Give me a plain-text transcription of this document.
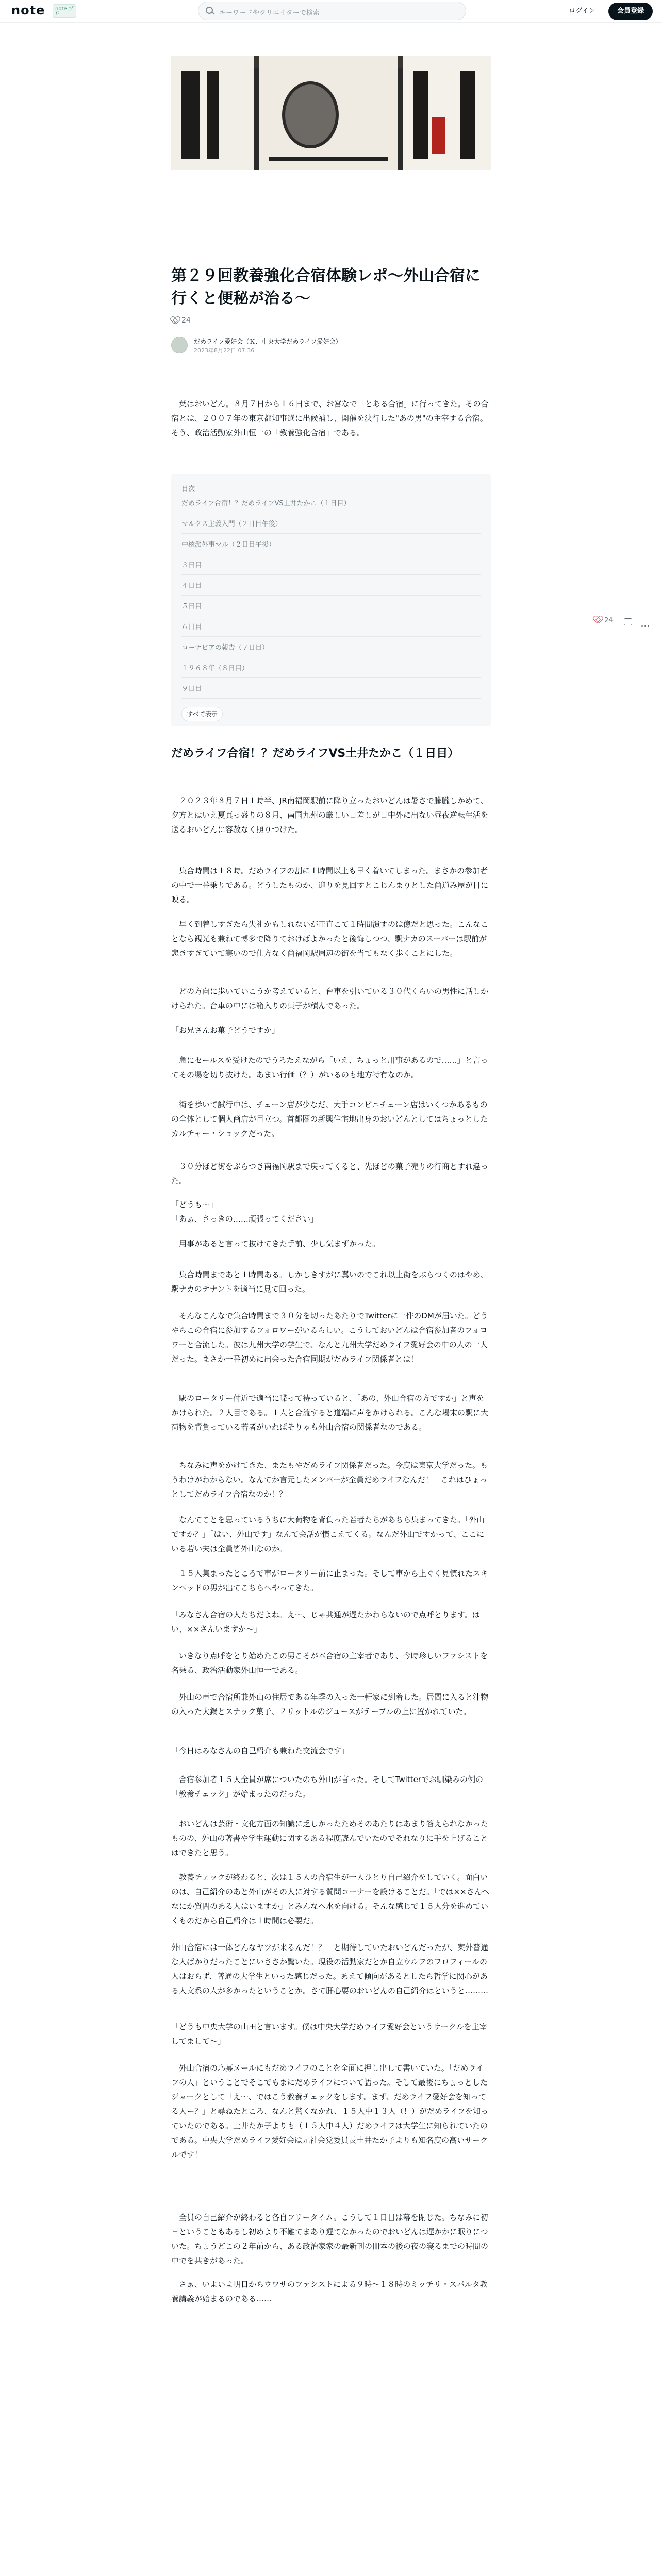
note note プロ	キーワードやクリエイターで検索	ログイン	会員登録
第２９回教養強化合宿体験レポ〜外山合宿に行くと便秘が治る〜
24
だめライフ愛好会（Ｋ、中央大学だめライフ愛好会）
2023年8月22日 07:36

　葉はおいどん。８月７日から１６日まで、お宮なで「とある合宿」に行ってきた。その合宿とは、２００７年の東京都知事選に出候補し、開催を決行した"あの男"の主宰する合宿。そう、政治活動家外山恒一の「教養強化合宿」である。

目次
だめライフ合宿！？だめライフVS土井たかこ（１日目）
マルクス主義入門（２日目午後）
中核派外事マル（２日目午後）
３日目
４日目
５日目
６日目
コーナビアの報告（７日目）
１９６８年（８日目）
９日目
すべて表示
だめライフ合宿！？だめライフVS土井たかこ（１日目）
24

　２０２３年８月７日１時半、JR南福岡駅前に降り立ったおいどんは暑さで朦朧しかめて、夕方とはいえ夏真っ盛りの８月、南国九州の厳しい日差しが日中外に出ない昼夜逆転生活を送るおいどんに容赦なく照りつけた。

　集合時間は１８時。だめライフの割に１時間以上も早く着いてしまった。まさかの参加者の中で一番乗りである。どうしたものか、迎りを見回すとこじんまりとした尚道み屋が目に映る。

　早く到着しすぎたら失礼かもしれないが正直こて１時間潰すのは億だと思った。こんなことなら観光も兼ねて博多で降りておけばよかったと後悔しつつ、駅ナカのスーパーは駅前が悲きすぎていて寒いので仕方なく尚福岡駅周辺の街を当てもなく歩くことにした。

　どの方向に歩いていこうか考えていると、台車を引いている３０代くらいの男性に話しかけられた。台車の中には箱入りの菓子が積んであった。

「お兄さんお菓子どうですか」

　急にセールスを受けたのでうろたえながら「いえ、ちょっと用事があるので……」と言ってその場を切り抜けた。あまい行価（？）がいるのも地方特有なのか。

　街を歩いて試行中は、チェーン店が少なだ、大手コンビニチェーン店はいくつかあるものの全体として個人商店が目立つ。首都圏の新興住宅地出身のおいどんとしてはちょっとしたカルチャー・ショックだった。

　３０分ほど街をぶらつき南福岡駅まで戻ってくると、先ほどの菓子売りの行商とすれ違った。

「どうも〜」
「あぁ、さっきの……頑張ってください」

　用事があると言って抜けてきた手前、少し気まずかった。

　集合時間まであと１時間ある。しかしきすがに翼いのでこれ以上街をぶらつくのはやめ、駅ナカのテナントを適当に見て回った。

　そんなこんなで集合時間まで３０分を切ったあたりでTwitterに一件のDMが届いた。どうやらこの合宿に参加するフォロワーがいるらしい。こうしておいどんは合宿参加者のフォロワーと合流した。彼は九州大学の学生で、なんと九州大学だめライフ愛好会の中の人の一人だった。まさか一番初めに出会った合宿同期がだめライフ関係者とは！

　駅のロータリー付近で適当に喋って待っていると、「あの、外山合宿の方ですか」と声をかけられた。２人目である。１人と合流すると道端に声をかけられる。こんな場末の駅に大荷物を背負っている若者がいればそりゃも外山合宿の関係者なのである。

　ちなみに声をかけてきた、またもやだめライフ関係者だった。今度は東京大学だった。もうわけがわからない。なんてか言元したメンバーが全員だめライフなんだ！　これはひょっとしてだめライフ合宿なのか！？

　なんてことを思っているうちに大荷物を背負った若者たちがあちら集まってきた。「外山ですか？」「はい、外山です」なんて会話が慣こえてくる。なんだ外山ですかって、ここにいる若い夫は全員皆外山なのか。

　１５人集まったところで車がロータリー前に止まった。そして車から上ぐく見慣れたスキンヘッドの男が出てこちらへやってきた。

「みなさん合宿の人たちだよね。え〜、じゃ共通が遅たかわらないので点呼とります。はい、××さんいますか〜」

　いきなり点呼をとり始めたこの男こそが本合宿の主宰者であり、今時珍しいファシストを名乗る、政治活動家外山恒一である。

　外山の車で合宿所兼外山の住居である年季の入った一軒家に到着した。居間に入ると汁物の入った大鍋とスナック菓子、２リットルのジュースがテーブルの上に置かれていた。

「今日はみなさんの自己紹介も兼ねた交流会です」

　合宿参加者１５人全員が席についたのち外山が言った。そしてTwitterでお馴染みの例の「教養チェック」が始まったのだった。

　おいどんは芸術・文化方面の知識に乏しかったためそのあたりはあまり答えられなかったものの、外山の著書や学生運動に関するある程度読んでいたのでそれなりに手を上げることはできたと思う。

　教養チェックが終わると、次は１５人の合宿生が一人ひとり自己紹介をしていく。面白いのは、自己紹介のあと外山がその人に対する質問コーナーを設けることだ。「では××さんへなにか質問のある人はいますか」とみんなへ水を向ける。そんな感じで１５人分を進めていくものだから自己紹介は１時間は必要だ。

外山合宿には一体どんなヤツが来るんだ！？　と期待していたおいどんだったが、案外普通な人ばかりだったことにいささか驚いた。現役の活動家だとか自立ウルフのフロフィールの人はおらず、普通の大学生といった感じだった。あえて傾向があるとしたら哲学に関心がある人文系の人が多かったということか。さて肝心要のおいどんの自己紹介はというと………

「どうも中央大学の山田と言います。僕は中央大学だめライフ愛好会というサークルを主宰してまして〜」

　外山合宿の応募メールにもだめライフのことを全面に押し出して書いていた。「だめライフの人」ということでそこでもまにだめライフについて語った。そして最後にちょっとしたジョークとして「え〜、ではこう教養チェックをします。まず、だめライフ愛好会を知ってる人ー？」と尋ねたところ、なんと驚くなかれ、１５人中１３人（！）がだめライフを知っていたのである。土井たか子よりも（１５人中４人）だめライフは大学生に知られていたのである。中央大学だめライフ愛好会は元社会党委員長土井たか子よりも知名度の高いサークルです！

　全員の自己紹介が終わると各自フリータイム。こうして１日目は幕を閉じた。ちなみに初日ということもあるし初めより不難てまあり遅てなかったのでおいどんは遅かかに眠りについた。ちょうどこの２年前から、ある政治家家の最新刊の冊本の後の夜の寝るまでの時間の中でを共きがあった。

　さぁ、いよいよ明日からウワサのファシストによる９時〜１８時のミッチリ・スパルタ教養講義が始まるのである……
